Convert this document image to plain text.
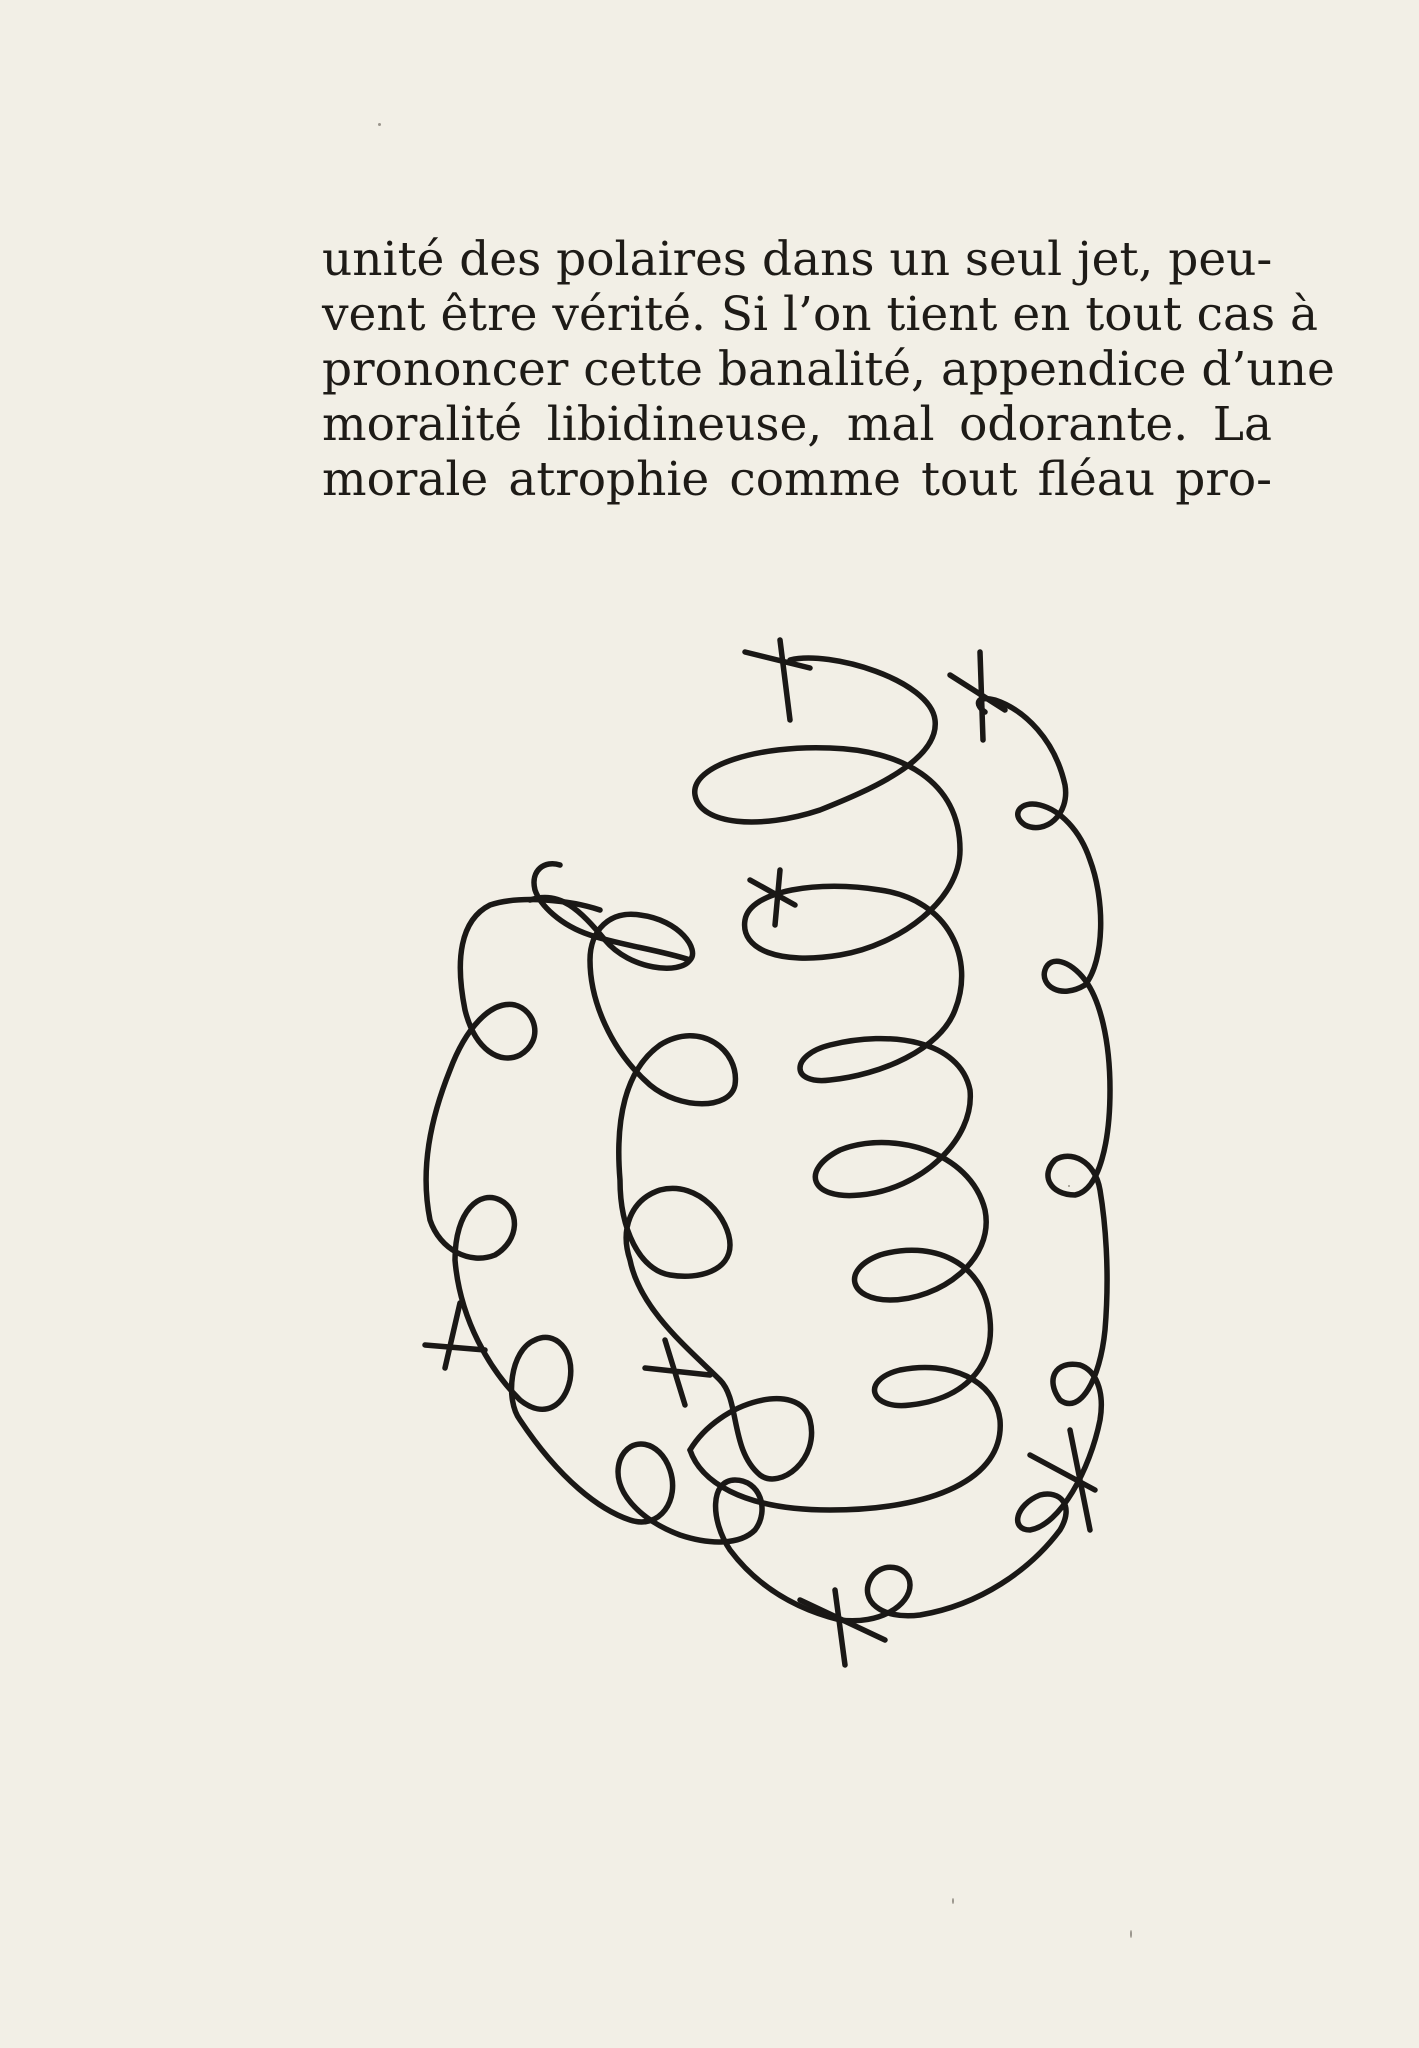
unité des polaires dans un seul jet, peu-
vent être vérité. Si l’on tient en tout cas à
prononcer cette banalité, appendice d’une
moralité libidineuse, mal odorante. La
morale atrophie comme tout fléau pro-
